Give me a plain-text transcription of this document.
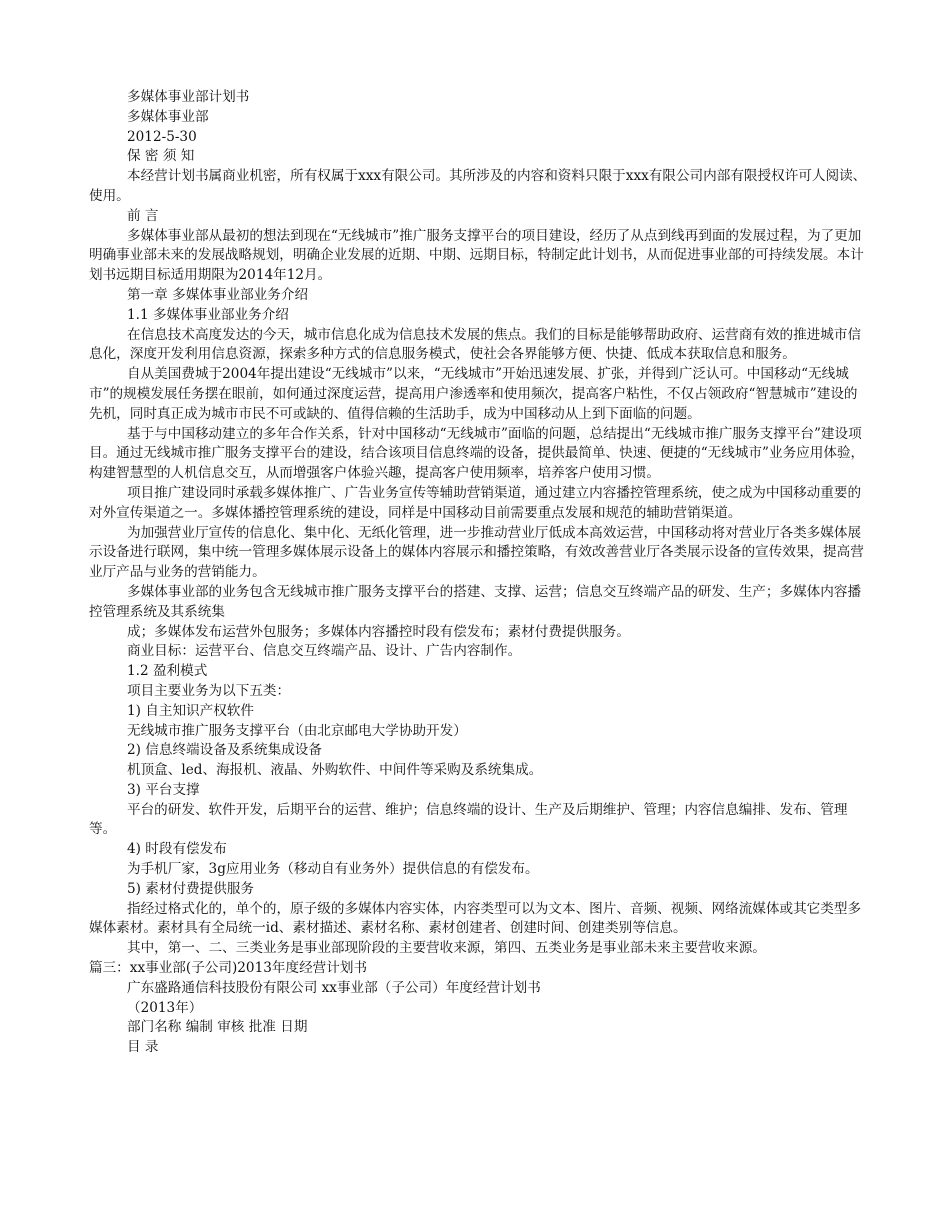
多媒体事业部计划书

多媒体事业部

2012-5-30

保 密 须 知

本经营计划书属商业机密，所有权属于xxx有限公司。其所涉及的内容和资料只限于xxx有限公司内部有限授权许可人阅读、使用。

前 言

多媒体事业部从最初的想法到现在“无线城市”推广服务支撑平台的项目建设，经历了从点到线再到面的发展过程，为了更加明确事业部未来的发展战略规划，明确企业发展的近期、中期、远期目标，特制定此计划书，从而促进事业部的可持续发展。本计划书远期目标适用期限为2014年12月。

第一章 多媒体事业部业务介绍

1.1 多媒体事业部业务介绍

在信息技术高度发达的今天，城市信息化成为信息技术发展的焦点。我们的目标是能够帮助政府、运营商有效的推进城市信息化，深度开发利用信息资源，探索多种方式的信息服务模式，使社会各界能够方便、快捷、低成本获取信息和服务。

自从美国费城于2004年提出建设“无线城市”以来，“无线城市”开始迅速发展、扩张，并得到广泛认可。中国移动“无线城市”的规模发展任务摆在眼前，如何通过深度运营，提高用户渗透率和使用频次，提高客户粘性，不仅占领政府“智慧城市”建设的先机，同时真正成为城市市民不可或缺的、值得信赖的生活助手，成为中国移动从上到下面临的问题。

基于与中国移动建立的多年合作关系，针对中国移动“无线城市”面临的问题，总结提出“无线城市推广服务支撑平台”建设项目。通过无线城市推广服务支撑平台的建设，结合该项目信息终端的设备，提供最简单、快速、便捷的“无线城市”业务应用体验，构建智慧型的人机信息交互，从而增强客户体验兴趣，提高客户使用频率，培养客户使用习惯。

项目推广建设同时承载多媒体推广、广告业务宣传等辅助营销渠道，通过建立内容播控管理系统，使之成为中国移动重要的对外宣传渠道之一。多媒体播控管理系统的建设，同样是中国移动目前需要重点发展和规范的辅助营销渠道。

为加强营业厅宣传的信息化、集中化、无纸化管理，进一步推动营业厅低成本高效运营，中国移动将对营业厅各类多媒体展示设备进行联网，集中统一管理多媒体展示设备上的媒体内容展示和播控策略，有效改善营业厅各类展示设备的宣传效果，提高营业厅产品与业务的营销能力。

多媒体事业部的业务包含无线城市推广服务支撑平台的搭建、支撑、运营；信息交互终端产品的研发、生产；多媒体内容播控管理系统及其系统集

成；多媒体发布运营外包服务；多媒体内容播控时段有偿发布；素材付费提供服务。

商业目标：运营平台、信息交互终端产品、设计、广告内容制作。

1.2 盈利模式

项目主要业务为以下五类：

1) 自主知识产权软件

无线城市推广服务支撑平台（由北京邮电大学协助开发）

2) 信息终端设备及系统集成设备

机顶盒、led、海报机、液晶、外购软件、中间件等采购及系统集成。

3) 平台支撑

平台的研发、软件开发，后期平台的运营、维护；信息终端的设计、生产及后期维护、管理；内容信息编排、发布、管理等。

4) 时段有偿发布

为手机厂家，3g应用业务（移动自有业务外）提供信息的有偿发布。

5) 素材付费提供服务

指经过格式化的，单个的，原子级的多媒体内容实体，内容类型可以为文本、图片、音频、视频、网络流媒体或其它类型多媒体素材。素材具有全局统一id、素材描述、素材名称、素材创建者、创建时间、创建类别等信息。

其中，第一、二、三类业务是事业部现阶段的主要营收来源，第四、五类业务是事业部未来主要营收来源。

篇三：xx事业部(子公司)2013年度经营计划书

广东盛路通信科技股份有限公司 xx事业部（子公司）年度经营计划书

（2013年）

部门名称 编制 审核 批准 日期

目 录
